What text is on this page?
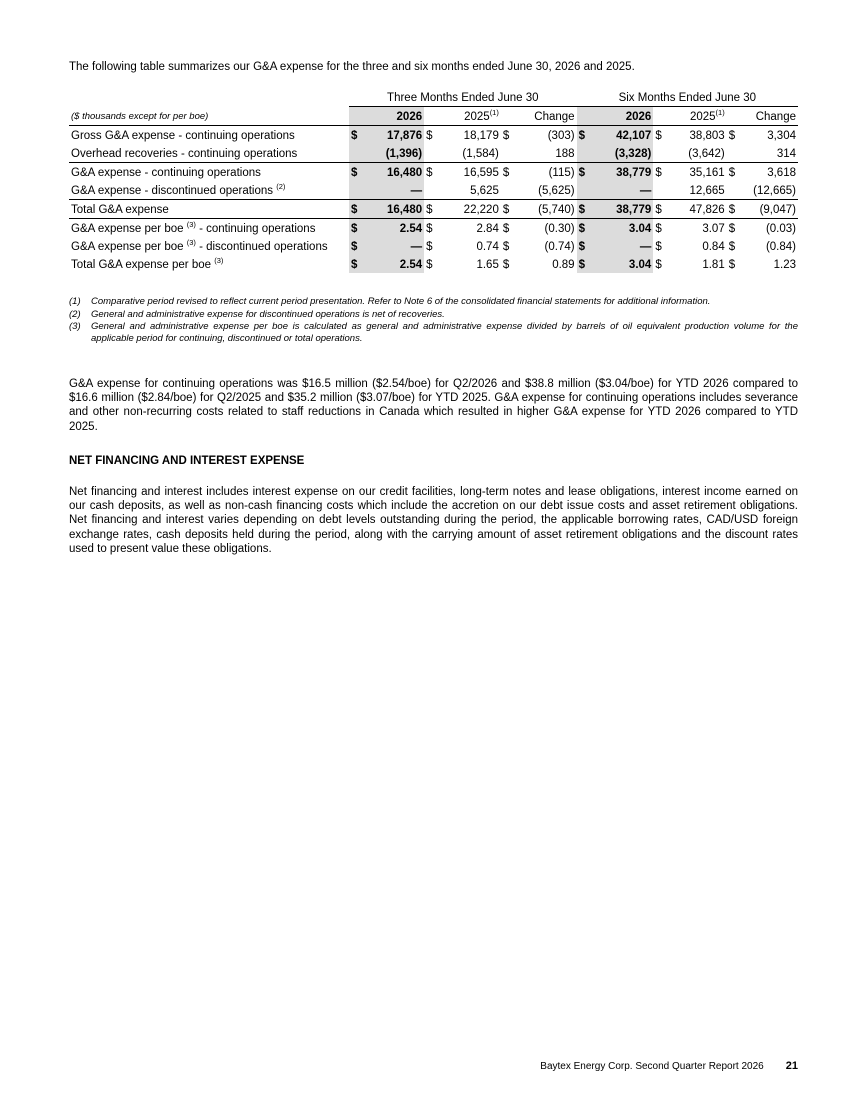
The following table summarizes our G&A expense for the three and six months ended June 30, 2026 and 2025.
	Three Months Ended June 30						Six Months Ended June 30					
($ thousands except for per boe)		2026		2025$^{(1)}$		Change		2026		2025$^{(1)}$		Change
Gross G&A expense - continuing operations	$	17,876	$	18,179	$	(303)	$	42,107	$	38,803	$	3,304
Overhead recoveries - continuing operations		(1,396)		(1,584)		188		(3,328)		(3,642)		314
G&A expense - continuing operations	$	16,480	$	16,595	$	(115)	$	38,779	$	35,161	$	3,618
G&A expense - discontinued operations $^{(2)}$		—		5,625		(5,625)		—		12,665		(12,665)
Total G&A expense	$	16,480	$	22,220	$	(5,740)	$	38,779	$	47,826	$	(9,047)
G&A expense per boe $^{(3)}$ - continuing operations	$	2.54	$	2.84	$	(0.30)	$	3.04	$	3.07	$	(0.03)
G&A expense per boe $^{(3)}$ - discontinued operations	$	—	$	0.74	$	(0.74)	$	—	$	0.84	$	(0.84)
Total G&A expense per boe $^{(3)}$	$	2.54	$	1.65	$	0.89	$	3.04	$	1.81	$	1.23
(1)	Comparative period revised to reflect current period presentation. Refer to Note 6 of the consolidated financial statements for additional information.
(2)	General and administrative expense for discontinued operations is net of recoveries.
(3)	General and administrative expense per boe is calculated as general and administrative expense divided by barrels of oil equivalent production volume for the applicable period for continuing, discontinued or total operations.
G&A expense for continuing operations was $16.5 million ($2.54/boe) for Q2/2026 and $38.8 million ($3.04/boe) for YTD 2026 compared to $16.6 million ($2.84/boe) for Q2/2025 and $35.2 million ($3.07/boe) for YTD 2025. G&A expense for continuing operations includes severance and other non-recurring costs related to staff reductions in Canada which resulted in higher G&A expense for YTD 2026 compared to YTD 2025.
NET FINANCING AND INTEREST EXPENSE
Net financing and interest includes interest expense on our credit facilities, long-term notes and lease obligations, interest income earned on our cash deposits, as well as non-cash financing costs which include the accretion on our debt issue costs and asset retirement obligations. Net financing and interest varies depending on debt levels outstanding during the period, the applicable borrowing rates, CAD/USD foreign exchange rates, cash deposits held during the period, along with the carrying amount of asset retirement obligations and the discount rates used to present value these obligations.
Baytex Energy Corp. Second Quarter Report 2026 21
